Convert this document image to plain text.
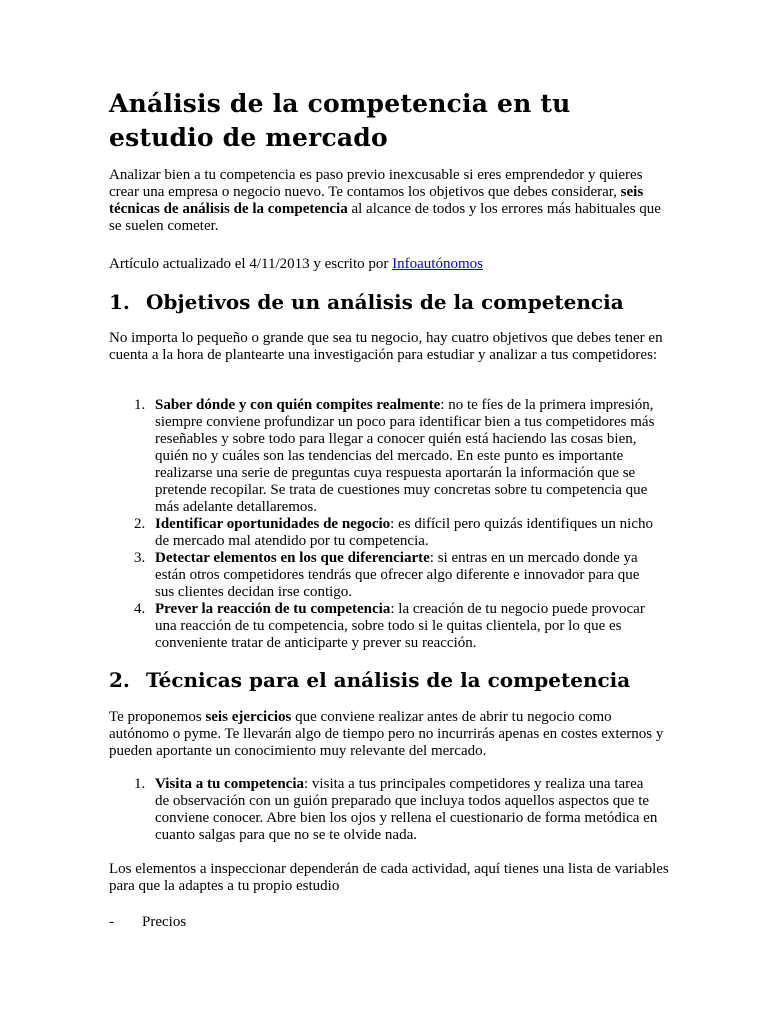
Análisis de la competencia en tu estudio de mercado

Analizar bien a tu competencia es paso previo inexcusable si eres emprendedor y quieres crear una empresa o negocio nuevo. Te contamos los objetivos que debes considerar, seis técnicas de análisis de la competencia al alcance de todos y los errores más habituales que se suelen cometer.

Artículo actualizado el 4/11/2013 y escrito por Infoautónomos

1. Objetivos de un análisis de la competencia

No importa lo pequeño o grande que sea tu negocio, hay cuatro objetivos que debes tener en cuenta a la hora de plantearte una investigación para estudiar y analizar a tus competidores:

1. Saber dónde y con quién compites realmente: no te fíes de la primera impresión, siempre conviene profundizar un poco para identificar bien a tus competidores más reseñables y sobre todo para llegar a conocer quién está haciendo las cosas bien, quién no y cuáles son las tendencias del mercado. En este punto es importante realizarse una serie de preguntas cuya respuesta aportarán la información que se pretende recopilar. Se trata de cuestiones muy concretas sobre tu competencia que más adelante detallaremos.
2. Identificar oportunidades de negocio: es difícil pero quizás identifiques un nicho de mercado mal atendido por tu competencia.
3. Detectar elementos en los que diferenciarte: si entras en un mercado donde ya están otros competidores tendrás que ofrecer algo diferente e innovador para que sus clientes decidan irse contigo.
4. Prever la reacción de tu competencia: la creación de tu negocio puede provocar una reacción de tu competencia, sobre todo si le quitas clientela, por lo que es conveniente tratar de anticiparte y prever su reacción.
2. Técnicas para el análisis de la competencia

Te proponemos seis ejercicios que conviene realizar antes de abrir tu negocio como autónomo o pyme. Te llevarán algo de tiempo pero no incurrirás apenas en costes externos y pueden aportante un conocimiento muy relevante del mercado.

1. Visita a tu competencia: visita a tus principales competidores y realiza una tarea de observación con un guión preparado que incluya todos aquellos aspectos que te conviene conocer. Abre bien los ojos y rellena el cuestionario de forma metódica en cuanto salgas para que no se te olvide nada.

Los elementos a inspeccionar dependerán de cada actividad, aquí tienes una lista de variables para que la adaptes a tu propio estudio

- Precios
